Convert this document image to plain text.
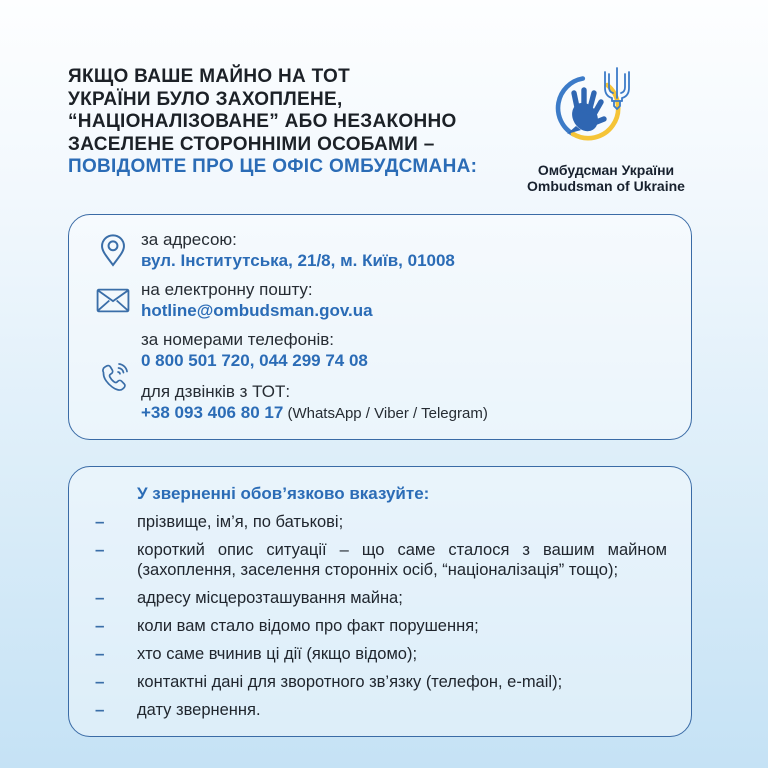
ЯКЩО ВАШЕ МАЙНО НА ТОТ
УКРАЇНИ БУЛО ЗАХОПЛЕНЕ,
“НАЦІОНАЛІЗОВАНЕ” АБО НЕЗАКОННО
ЗАСЕЛЕНЕ СТОРОННІМИ ОСОБАМИ –
ПОВІДОМТЕ ПРО ЦЕ ОФІС ОМБУДСМАНА:	Омбудсман України
Ombudsman of Ukraine
за адресою:
вул. Інститутська, 21/8, м. Київ, 01008
на електронну пошту:
hotline@ombudsman.gov.ua
за номерами телефонів:
0 800 501 720, 044 299 74 08
для дзвінків з ТОТ:
+38 093 406 80 17 (WhatsApp / Viber / Telegram)
У зверненні обов’язково вказуйте:
–	прізвище, ім’я, по батькові;
–	короткий опис ситуації – що саме сталося з вашим майном (захоплення, заселення сторонніх осіб, “націоналізація” тощо);
–	адресу місцерозташування майна;
–	коли вам стало відомо про факт порушення;
–	хто саме вчинив ці дії (якщо відомо);
–	контактні дані для зворотного зв’язку (телефон, e-mail);
–	дату звернення.
